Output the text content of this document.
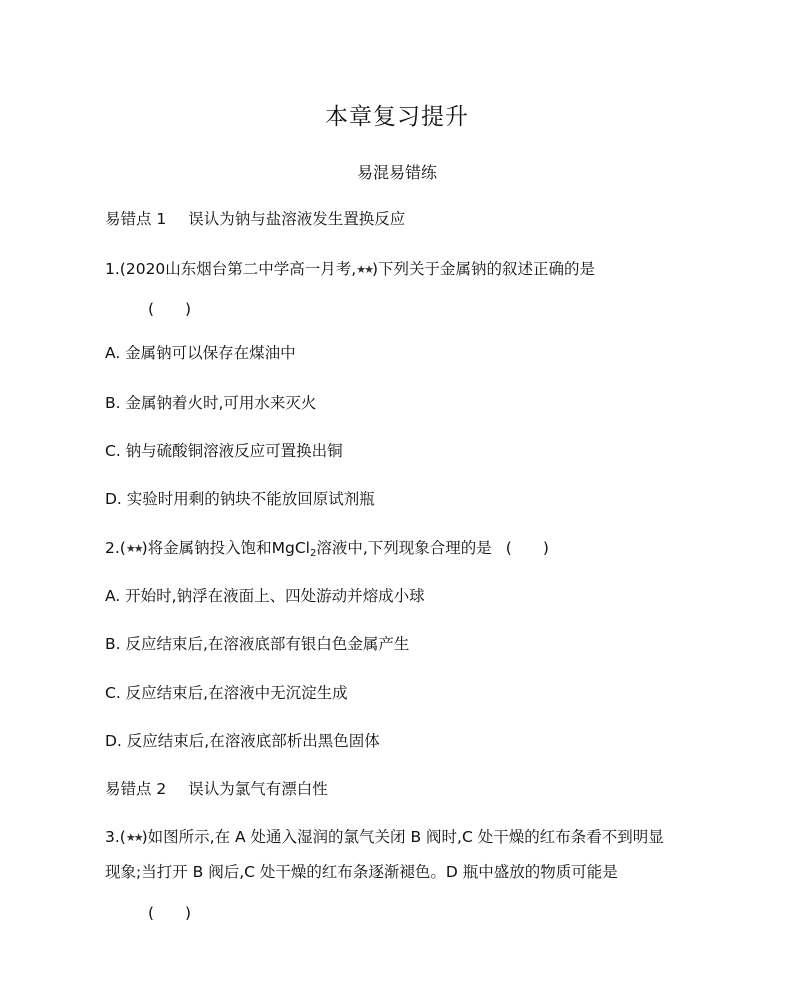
本章复习提升
易混易错练
易错点 1 误认为钠与盐溶液发生置换反应
1.(2020山东烟台第二中学高一月考,★★)下列关于金属钠的叙述正确的是
(　　)
A. 金属钠可以保存在煤油中
B. 金属钠着火时,可用水来灭火
C. 钠与硫酸铜溶液反应可置换出铜
D. 实验时用剩的钠块不能放回原试剂瓶
2.(★★)将金属钠投入饱和MgCl$_2$溶液中,下列现象合理的是 (　　)
A. 开始时,钠浮在液面上、四处游动并熔成小球
B. 反应结束后,在溶液底部有银白色金属产生
C. 反应结束后,在溶液中无沉淀生成
D. 反应结束后,在溶液底部析出黑色固体
易错点 2 误认为氯气有漂白性
3.(★★)如图所示,在 A 处通入湿润的氯气关闭 B 阀时,C 处干燥的红布条看不到明显
现象;当打开 B 阀后,C 处干燥的红布条逐渐褪色。D 瓶中盛放的物质可能是
(　　)
